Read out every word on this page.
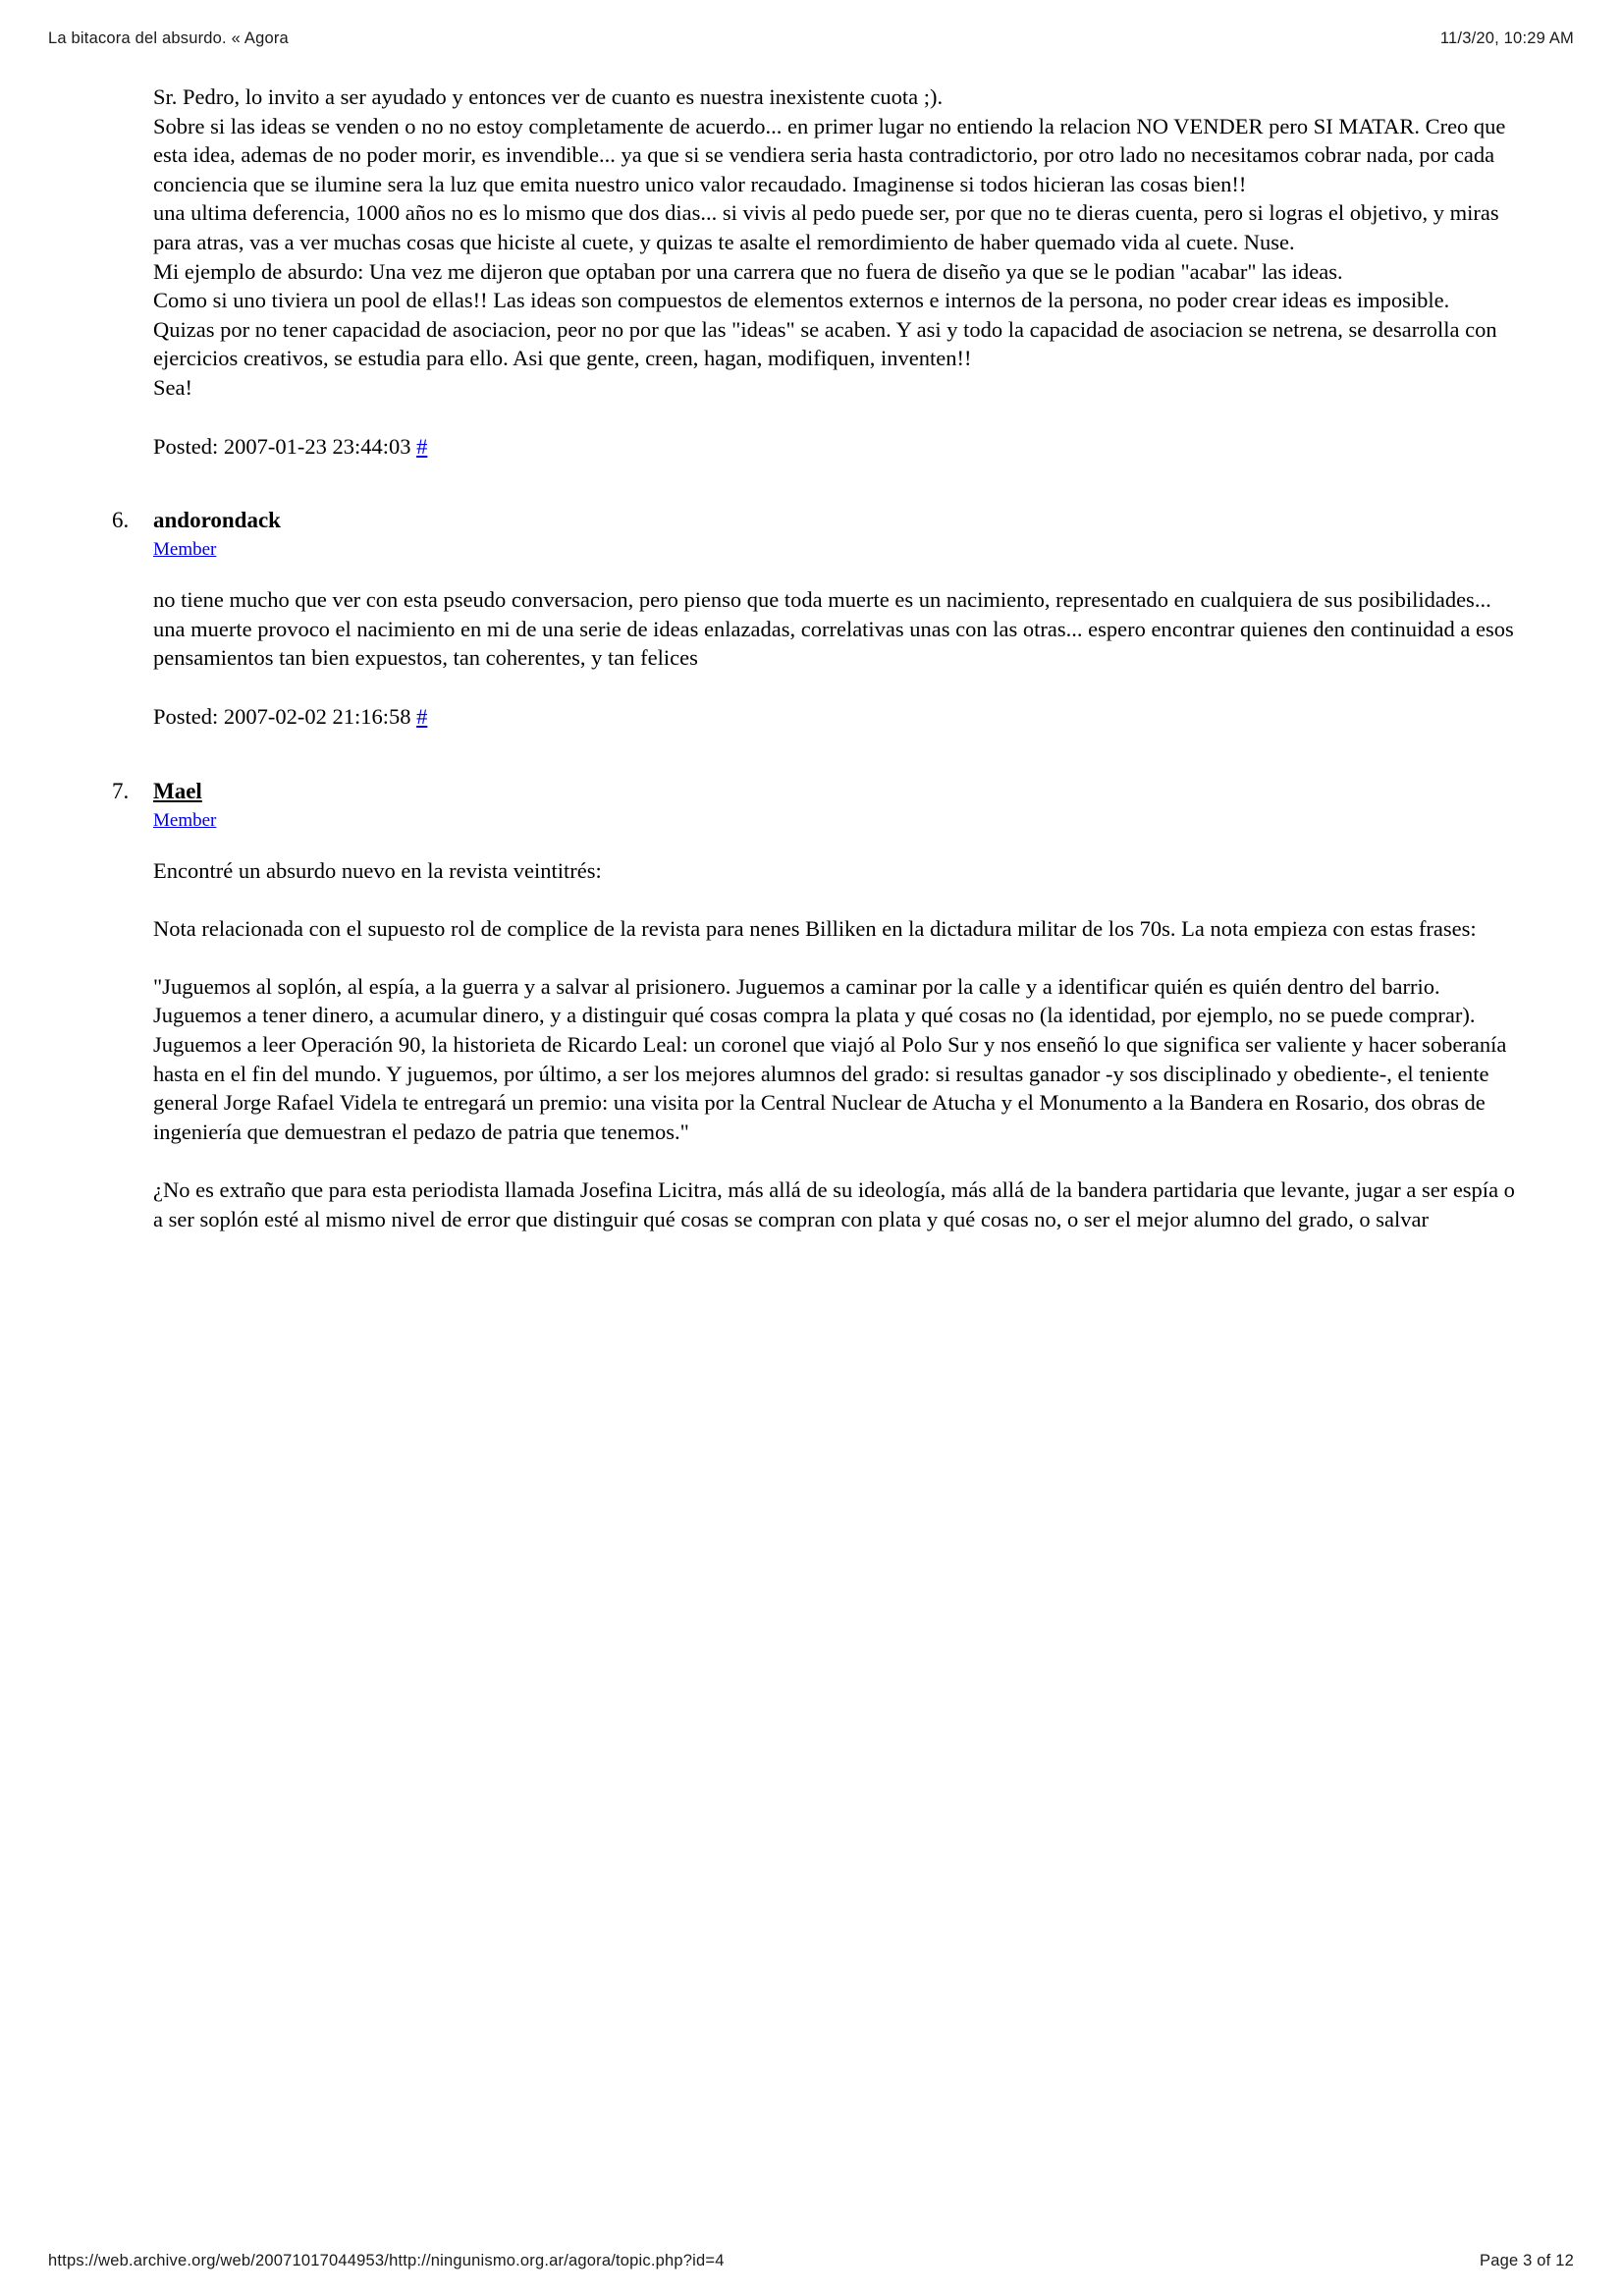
La bitacora del absurdo. « Agora	11/3/20, 10:29 AM
Sr. Pedro, lo invito a ser ayudado y entonces ver de cuanto es nuestra inexistente cuota ;).
Sobre si las ideas se venden o no no estoy completamente de acuerdo... en primer lugar no entiendo la relacion NO VENDER pero SI MATAR. Creo que esta idea, ademas de no poder morir, es invendible... ya que si se vendiera seria hasta contradictorio, por otro lado no necesitamos cobrar nada, por cada conciencia que se ilumine sera la luz que emita nuestro unico valor recaudado. Imaginense si todos hicieran las cosas bien!!
una ultima deferencia, 1000 años no es lo mismo que dos dias... si vivis al pedo puede ser, por que no te dieras cuenta, pero si logras el objetivo, y miras para atras, vas a ver muchas cosas que hiciste al cuete, y quizas te asalte el remordimiento de haber quemado vida al cuete. Nuse.
Mi ejemplo de absurdo: Una vez me dijeron que optaban por una carrera que no fuera de diseño ya que se le podian "acabar" las ideas.
Como si uno tiviera un pool de ellas!! Las ideas son compuestos de elementos externos e internos de la persona, no poder crear ideas es imposible. Quizas por no tener capacidad de asociacion, peor no por que las "ideas" se acaben. Y asi y todo la capacidad de asociacion se netrena, se desarrolla con ejercicios creativos, se estudia para ello. Asi que gente, creen, hagan, modifiquen, inventen!!
Sea!
Posted: 2007-01-23 23:44:03 #
6. andorondack
Member
no tiene mucho que ver con esta pseudo conversacion, pero pienso que toda muerte es un nacimiento, representado en cualquiera de sus posibilidades...
una muerte provoco el nacimiento en mi de una serie de ideas enlazadas, correlativas unas con las otras... espero encontrar quienes den continuidad a esos pensamientos tan bien expuestos, tan coherentes, y tan felices
Posted: 2007-02-02 21:16:58 #
7. Mael
Member
Encontré un absurdo nuevo en la revista veintitrés:
Nota relacionada con el supuesto rol de complice de la revista para nenes Billiken en la dictadura militar de los 70s. La nota empieza con estas frases:
"Juguemos al soplón, al espía, a la guerra y a salvar al prisionero. Juguemos a caminar por la calle y a identificar quién es quién dentro del barrio. Juguemos a tener dinero, a acumular dinero, y a distinguir qué cosas compra la plata y qué cosas no (la identidad, por ejemplo, no se puede comprar). Juguemos a leer Operación 90, la historieta de Ricardo Leal: un coronel que viajó al Polo Sur y nos enseñó lo que significa ser valiente y hacer soberanía hasta en el fin del mundo. Y juguemos, por último, a ser los mejores alumnos del grado: si resultas ganador -y sos disciplinado y obediente-, el teniente general Jorge Rafael Videla te entregará un premio: una visita por la Central Nuclear de Atucha y el Monumento a la Bandera en Rosario, dos obras de ingeniería que demuestran el pedazo de patria que tenemos."
¿No es extraño que para esta periodista llamada Josefina Licitra, más allá de su ideología, más allá de la bandera partidaria que levante, jugar a ser espía o a ser soplón esté al mismo nivel de error que distinguir qué cosas se compran con plata y qué cosas no, o ser el mejor alumno del grado, o salvar
https://web.archive.org/web/20071017044953/http://ningunismo.org.ar/agora/topic.php?id=4	Page 3 of 12
